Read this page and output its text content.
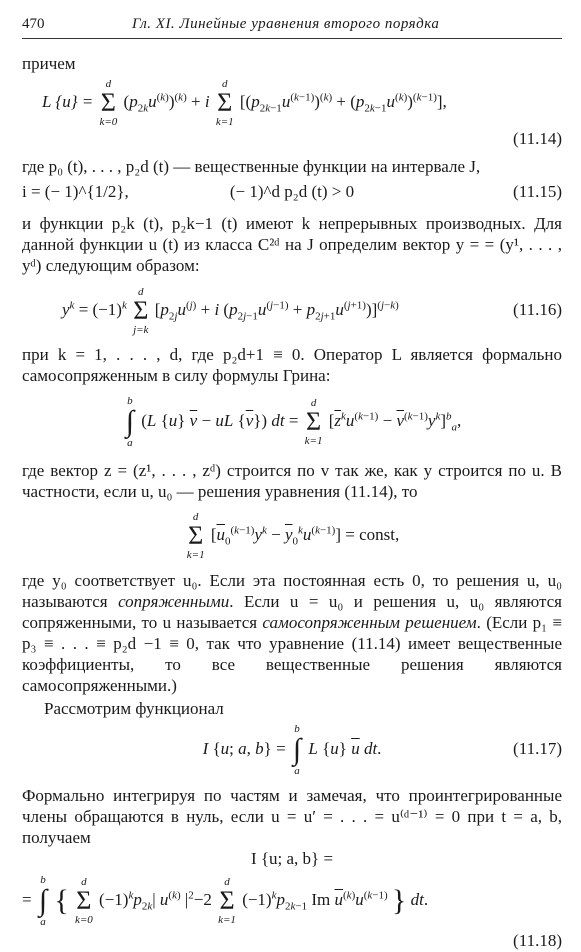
470	Гл. XI. Линейные уравнения второго порядка

причем

L {u} =
d
Σ
k=0
$(p_{2k}u^{(k)})^{(k)} + i$
d
Σ
k=1
$[(p_{2k-1}u^{(k-1)})^{(k)} + (p_{2k-1}u^{(k)})^{(k-1)}]$,
(11.14)

где p₀ (t), . . . , p₂d (t) — вещественные функции на интервале J,

i = (− 1)^{1/2},	(− 1)^d p₂d (t) > 0	(11.15)

и функции p₂k (t), p₂k−1 (t) имеют k непрерывных производных. Для данной функции u (t) из класса C²ᵈ на J определим вектор y = = (y¹, . . . , yᵈ) следующим образом:

$y^k = (-1)^k$
d
Σ
j=k
[$p_{2j}u^{(j)} + i$ $(p_{2j-1}u^{(j-1)} + p_{2j+1}u^{(j+1)})]^{(j-k)}$	(11.16)

при k = 1, . . . , d, где p₂d+1 ≡ 0. Оператор L является формально самосопряженным в силу формулы Грина:

b
∫
a
(L {u} $\overline{v}$ − uL $\{\overline{v}\}$) dt =
d
Σ
k=1
$[\overline{z}^ku^{(k-1)} - \overline{v}^{(k-1)}y^k]^b_a$,

где вектор z = (z¹, . . . , zᵈ) строится по v так же, как y строится по u. В частности, если u, u₀ — решения уравнения (11.14), то

d
Σ
k=1
$[\overline{u}_0^{(k-1)}y^k - \overline{y}_0^ku^{(k-1)}]$ = const,

где y₀ соответствует u₀. Если эта постоянная есть 0, то решения u, u₀ называются сопряженными. Если u = u₀ и решения u, u₀ являются сопряженными, то u называется самосопряженным решением. (Если p₁ ≡ p₃ ≡ . . . ≡ p₂d −1 ≡ 0, так что уравнение (11.14) имеет вещественные коэффициенты, то все вещественные решения являются самосопряженными.)

Рассмотрим функционал

I {u; a, b} =
b
∫
a
L {u} $\overline{u}$ dt.	(11.17)

Формально интегрируя по частям и замечая, что проинтегрированные члены обращаются в нуль, если u = u′ = . . . = u⁽ᵈ⁻¹⁾ = 0 при t = a, b, получаем

I {u; a, b} =
=
b
∫
a
{
d
Σ
k=0
$(-1)^kp_{2k}|$ $u^{(k)}$ $|^2-2$
d
Σ
k=1
$(-1)^kp_{2k-1}$ Im $\overline{u}^{(k)}u^{(k-1)}$ } dt.
(11.18)
